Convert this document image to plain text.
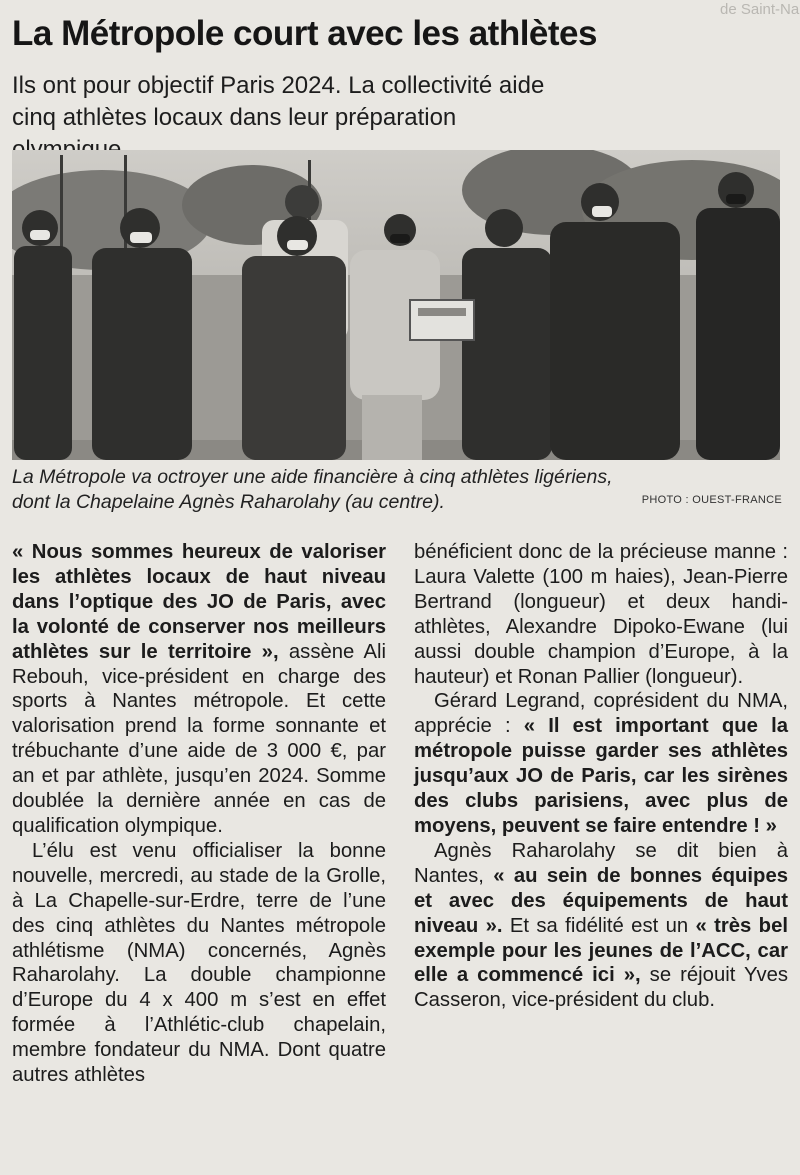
de Saint-Na
La Métropole court avec les athlètes

Ils ont pour objectif Paris 2024. La collectivité aide cinq athlètes locaux dans leur préparation

La Métropole va octroyer une aide financière à cinq athlètes ligériens, dont la Chapelaine Agnès Raharolahy (au centre).	PHOTO : OUEST-FRANCE

« Nous sommes heureux de valoriser les athlètes locaux de haut niveau dans l’optique des JO de Paris, avec la volonté de conserver nos meilleurs athlètes sur le territoire », assène Ali Rebouh, vice-président en charge des sports à Nantes métropole. Et cette valorisation prend la forme sonnante et trébuchante d’une aide de 3 000 €, par an et par athlète, jusqu’en 2024. Somme doublée la dernière année en cas de qualification olympique.

L’élu est venu officialiser la bonne nouvelle, mercredi, au stade de la Grolle, à La Chapelle-sur-Erdre, terre de l’une des cinq athlètes du Nantes métropole athlétisme (NMA) concernés, Agnès Raharolahy. La double championne d’Europe du 4 x 400 m s’est en effet formée à l’Athlétic-club chapelain, membre fondateur du NMA. Dont quatre autres athlètes

bénéficient donc de la précieuse manne : Laura Valette (100 m haies), Jean-Pierre Bertrand (longueur) et deux handi-athlètes, Alexandre Dipoko-Ewane (lui aussi double champion d’Europe, à la hauteur) et Ronan Pallier (longueur).

Gérard Legrand, coprésident du NMA, apprécie : « Il est important que la métropole puisse garder ses athlètes jusqu’aux JO de Paris, car les sirènes des clubs parisiens, avec plus de moyens, peuvent se faire entendre ! »

Agnès Raharolahy se dit bien à Nantes, « au sein de bonnes équipes et avec des équipements de haut niveau ». Et sa fidélité est un « très bel exemple pour les jeunes de l’ACC, car elle a commencé ici », se réjouit Yves Casseron, vice-président du club.
